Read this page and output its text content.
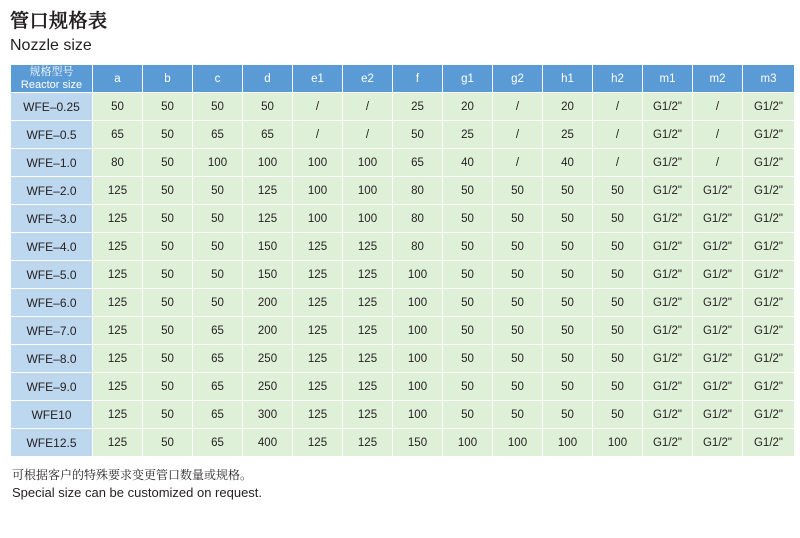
管口规格表
Nozzle size
规格型号
Reactor size	a	b	c	d	e1	e2	f	g1	g2	h1	h2	m1	m2	m3
WFE–0.25	50	50	50	50	/	/	25	20	/	20	/	G1/2"	/	G1/2"
WFE–0.5	65	50	65	65	/	/	50	25	/	25	/	G1/2"	/	G1/2"
WFE–1.0	80	50	100	100	100	100	65	40	/	40	/	G1/2"	/	G1/2"
WFE–2.0	125	50	50	125	100	100	80	50	50	50	50	G1/2"	G1/2"	G1/2"
WFE–3.0	125	50	50	125	100	100	80	50	50	50	50	G1/2"	G1/2"	G1/2"
WFE–4.0	125	50	50	150	125	125	80	50	50	50	50	G1/2"	G1/2"	G1/2"
WFE–5.0	125	50	50	150	125	125	100	50	50	50	50	G1/2"	G1/2"	G1/2"
WFE–6.0	125	50	50	200	125	125	100	50	50	50	50	G1/2"	G1/2"	G1/2"
WFE–7.0	125	50	65	200	125	125	100	50	50	50	50	G1/2"	G1/2"	G1/2"
WFE–8.0	125	50	65	250	125	125	100	50	50	50	50	G1/2"	G1/2"	G1/2"
WFE–9.0	125	50	65	250	125	125	100	50	50	50	50	G1/2"	G1/2"	G1/2"
WFE10	125	50	65	300	125	125	100	50	50	50	50	G1/2"	G1/2"	G1/2"
WFE12.5	125	50	65	400	125	125	150	100	100	100	100	G1/2"	G1/2"	G1/2"
可根据客户的特殊要求变更管口数量或规格。
Special size can be customized on request.
